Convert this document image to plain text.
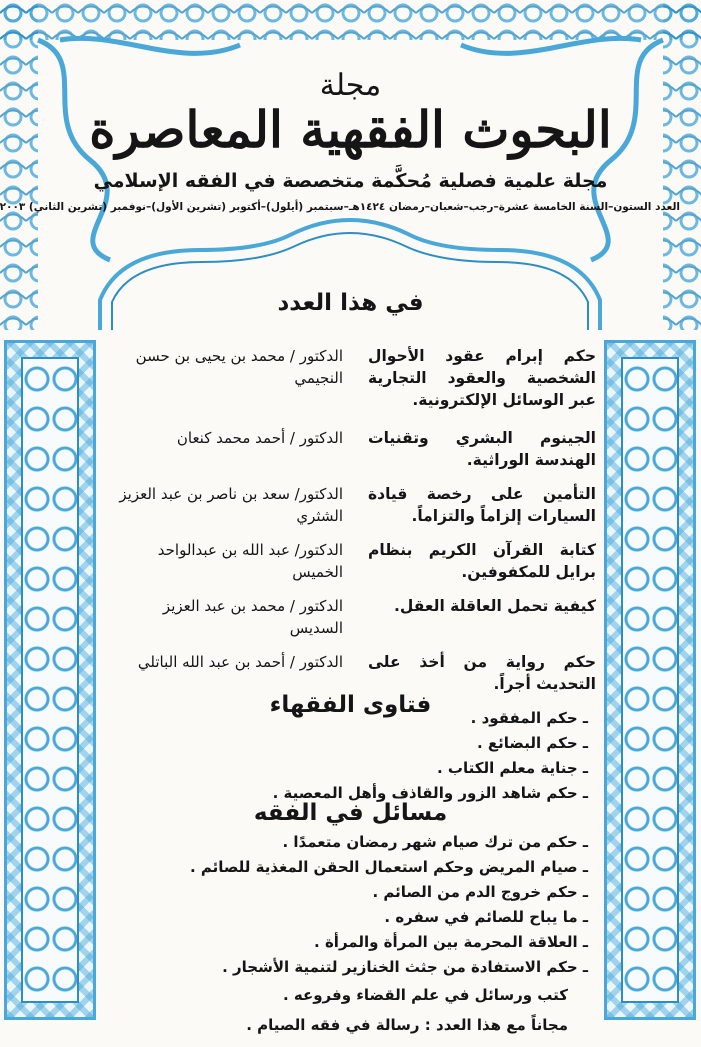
مجلة
البحوث الفقهية المعاصرة
مجلة علمية فصلية مُحكَّمة متخصصة في الفقه الإسلامي
العدد الستون–السنة الخامسة عشرة–رجب–شعبان–رمضان ١٤٢٤هـ–سبتمبر (أيلول)–أكتوبر (تشرين الأول)–نوفمبر (تشرين الثاني) ٢٠٠٣
في هذا العدد
حكم إبرام عقود الأحوال الشخصية والعقود التجارية عبر الوسائل الإلكترونية.
الدكتور / محمد بن يحيى بن حسن النجيمي
الجينوم البشري وتقنيات الهندسة الوراثية.
الدكتور / أحمد محمد كنعان
التأمين على رخصة قيادة السيارات إلزاماً والتزاماً.
الدكتور/ سعد بن ناصر بن عبد العزيز الشثري
كتابة القرآن الكريم بنظام برايل للمكفوفين.
الدكتور/ عبد الله بن عبدالواحد الخميس
كيفية تحمل العاقلة العقل.
الدكتور / محمد بن عبد العزيز السديس
حكم رواية من أخذ على التحديث أجراً.
الدكتور / أحمد بن عبد الله الباتلي
فتاوى الفقهاء
ـ	حكم المفقود .
ـ حكم البضائع .
ـ جناية معلم الكتاب .
ـ حكم شاهد الزور والقاذف وأهل المعصية .
مسائل في الفقه
ـ حكم من ترك صيام شهر رمضان متعمدًا .
ـ صيام المريض وحكم استعمال الحقن المغذية للصائم .
ـ حكم خروج الدم من الصائم .
ـ ما يباح للصائم في سفره .
ـ العلاقة المحرمة بين المرأة والمرأة .
ـ حكم الاستفادة من جثث الخنازير لتنمية الأشجار .
كتب ورسائل في علم القضاء وفروعه .
مجاناً مع هذا العدد : رسالة في فقه الصيام .
